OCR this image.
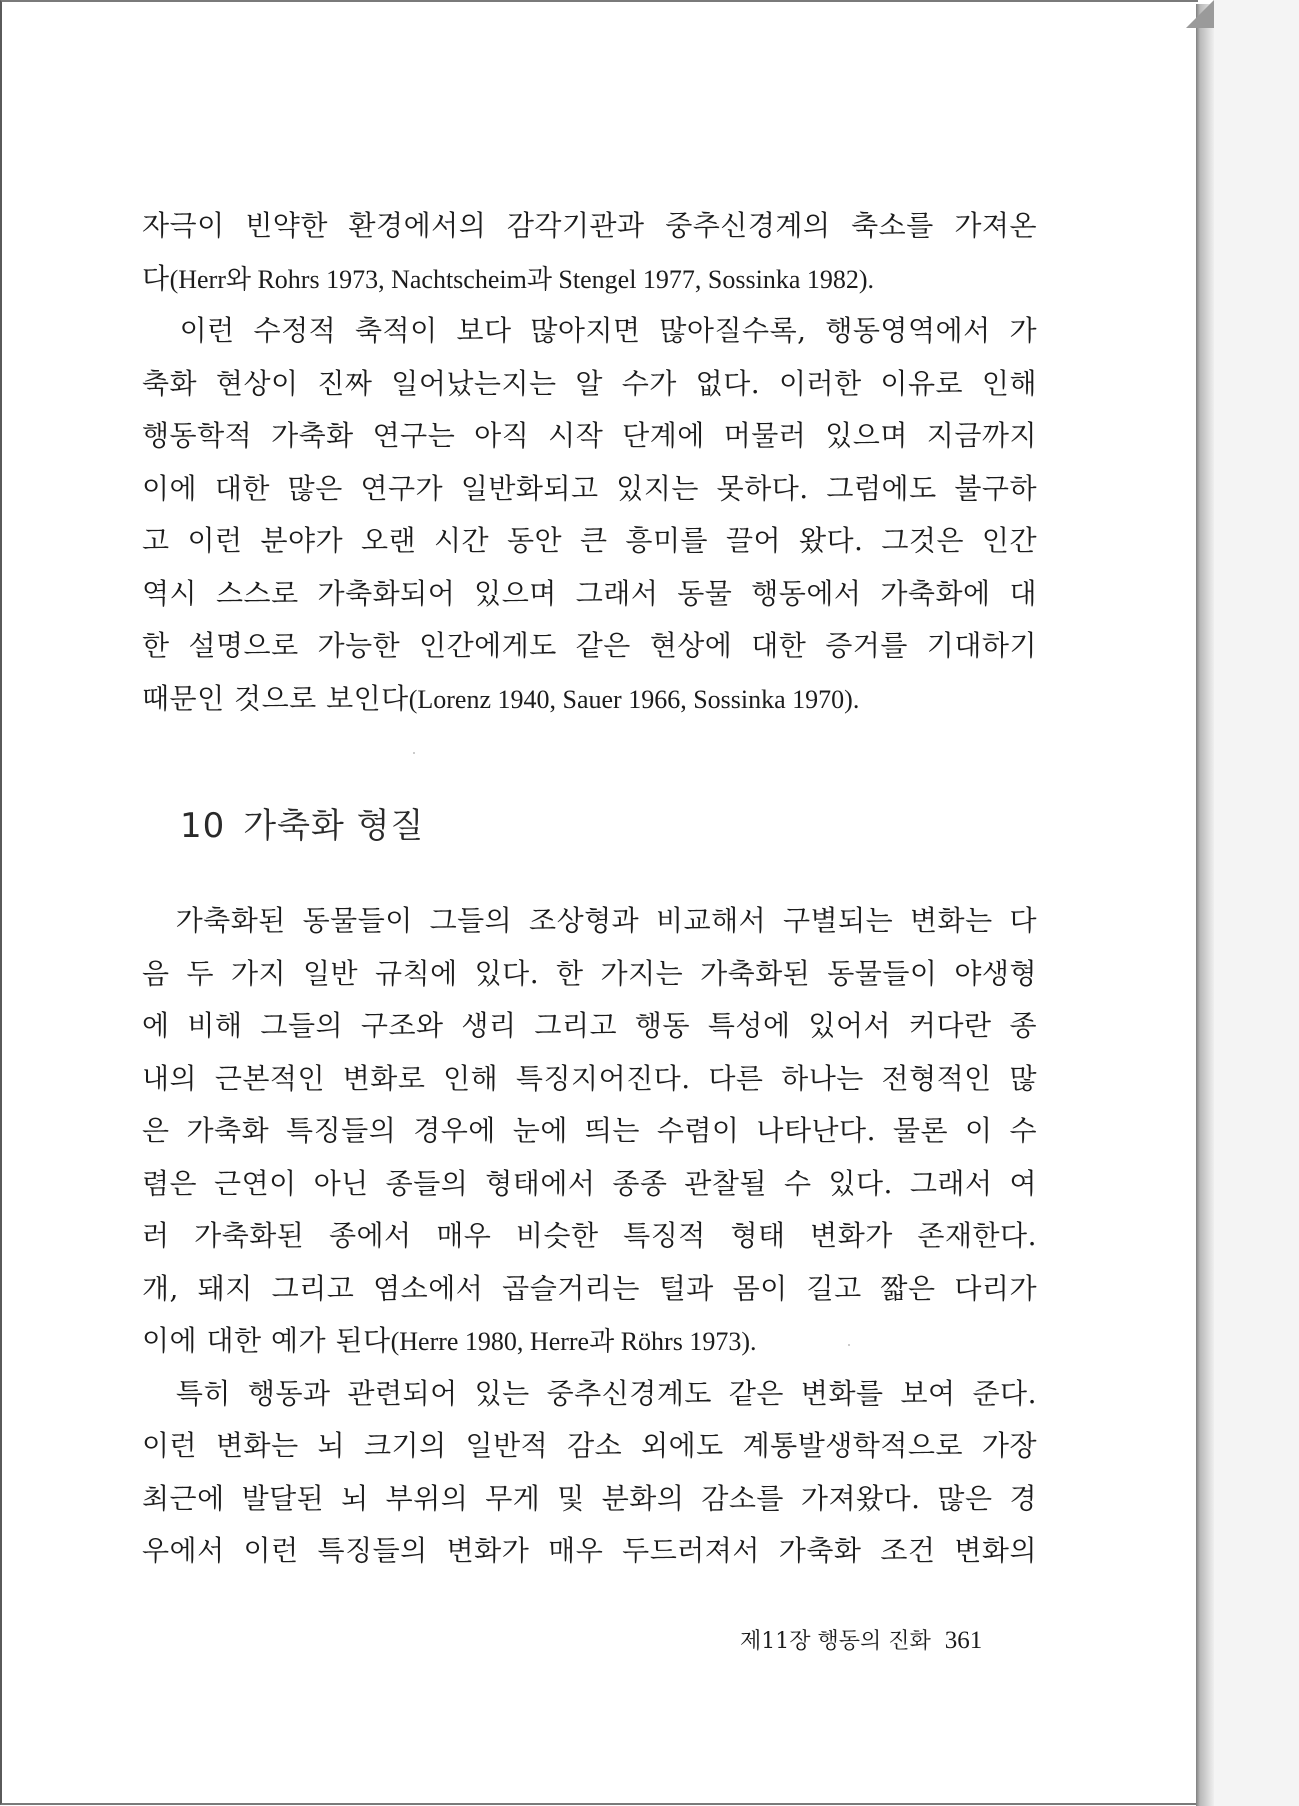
자극이 빈약한 환경에서의 감각기관과 중추신경계의 축소를 가져온
다(Herr와 Rohrs 1973, Nachtscheim과 Stengel 1977, Sossinka 1982).
이런 수정적 축적이 보다 많아지면 많아질수록, 행동영역에서 가
축화 현상이 진짜 일어났는지는 알 수가 없다. 이러한 이유로 인해
행동학적 가축화 연구는 아직 시작 단계에 머물러 있으며 지금까지
이에 대한 많은 연구가 일반화되고 있지는 못하다. 그럼에도 불구하
고 이런 분야가 오랜 시간 동안 큰 흥미를 끌어 왔다. 그것은 인간
역시 스스로 가축화되어 있으며 그래서 동물 행동에서 가축화에 대
한 설명으로 가능한 인간에게도 같은 현상에 대한 증거를 기대하기
때문인 것으로 보인다(Lorenz 1940, Sauer 1966, Sossinka 1970).
10 가축화 형질
가축화된 동물들이 그들의 조상형과 비교해서 구별되는 변화는 다
음 두 가지 일반 규칙에 있다. 한 가지는 가축화된 동물들이 야생형
에 비해 그들의 구조와 생리 그리고 행동 특성에 있어서 커다란 종
내의 근본적인 변화로 인해 특징지어진다. 다른 하나는 전형적인 많
은 가축화 특징들의 경우에 눈에 띄는 수렴이 나타난다. 물론 이 수
렴은 근연이 아닌 종들의 형태에서 종종 관찰될 수 있다. 그래서 여
러 가축화된 종에서 매우 비슷한 특징적 형태 변화가 존재한다.
개, 돼지 그리고 염소에서 곱슬거리는 털과 몸이 길고 짧은 다리가
이에 대한 예가 된다(Herre 1980, Herre과 Röhrs 1973).
특히 행동과 관련되어 있는 중추신경계도 같은 변화를 보여 준다.
이런 변화는 뇌 크기의 일반적 감소 외에도 계통발생학적으로 가장
최근에 발달된 뇌 부위의 무게 및 분화의 감소를 가져왔다. 많은 경
우에서 이런 특징들의 변화가 매우 두드러져서 가축화 조건 변화의
제11장 행동의 진화 361
